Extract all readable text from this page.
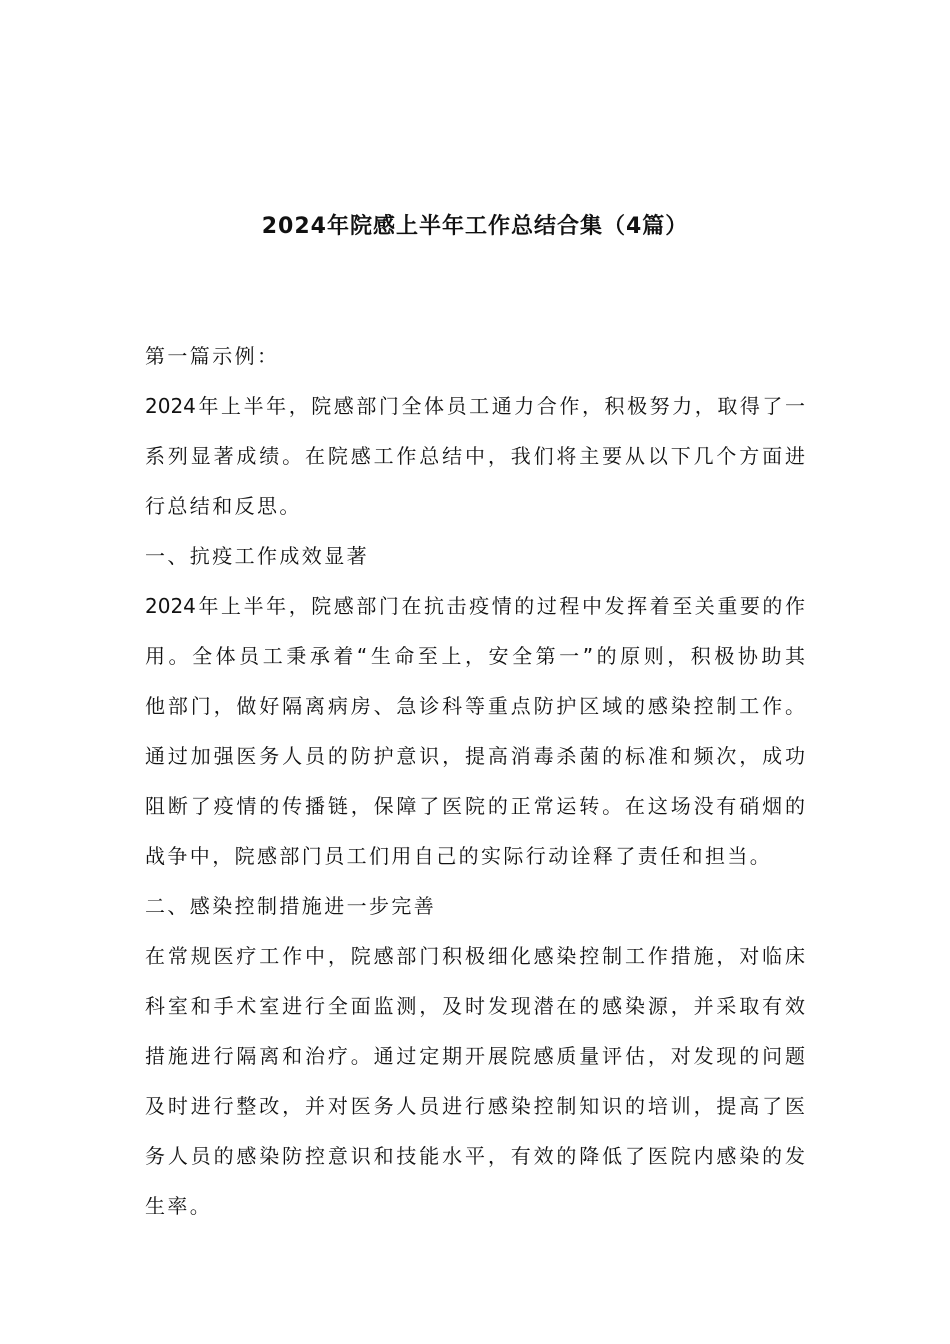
2024年院感上半年工作总结合集（4篇）
第一篇示例：
2024年上半年，院感部门全体员工通力合作，积极努力，取得了一
系列显著成绩。在院感工作总结中，我们将主要从以下几个方面进
行总结和反思。
一、抗疫工作成效显著
2024年上半年，院感部门在抗击疫情的过程中发挥着至关重要的作
用。全体员工秉承着“生命至上，安全第一”的原则，积极协助其
他部门，做好隔离病房、急诊科等重点防护区域的感染控制工作。
通过加强医务人员的防护意识，提高消毒杀菌的标准和频次，成功
阻断了疫情的传播链，保障了医院的正常运转。在这场没有硝烟的
战争中，院感部门员工们用自己的实际行动诠释了责任和担当。
二、感染控制措施进一步完善
在常规医疗工作中，院感部门积极细化感染控制工作措施，对临床
科室和手术室进行全面监测，及时发现潜在的感染源，并采取有效
措施进行隔离和治疗。通过定期开展院感质量评估，对发现的问题
及时进行整改，并对医务人员进行感染控制知识的培训，提高了医
务人员的感染防控意识和技能水平，有效的降低了医院内感染的发
生率。
